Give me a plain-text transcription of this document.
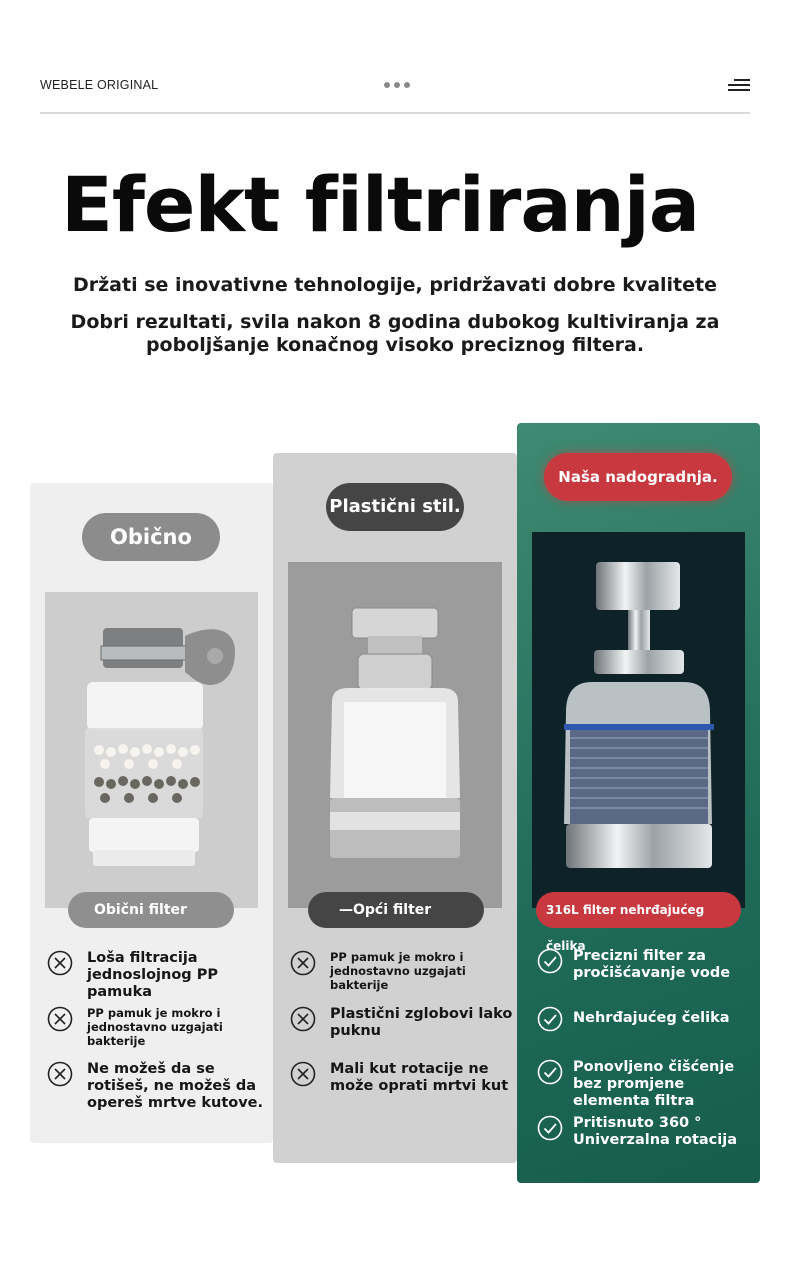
WEBELE ORIGINAL
Efekt filtriranja

Držati se inovativne tehnologije, pridržavati dobre kvalitete

Dobri rezultati, svila nakon 8 godina dubokog kultiviranja za poboljšanje konačnog visoko preciznog filtera.

Obično
Obični filter
Loša filtracija jednoslojnog PP pamuka
PP pamuk je mokro i jednostavno uzgajati bakterije
Ne možeš da se rotišeš, ne možeš da opereš mrtve kutove.
Plastični stil.
—Opći filter
PP pamuk je mokro i jednostavno uzgajati bakterije
Plastični zglobovi lako puknu
Mali kut rotacije ne može oprati mrtvi kut
Naša nadogradnja.
316L filter nehrđajućeg čelika
Precizni filter za pročišćavanje vode
Nehrđajućeg čelika
Ponovljeno čišćenje bez promjene elementa filtra
Pritisnuto 360 ° Univerzalna rotacija
